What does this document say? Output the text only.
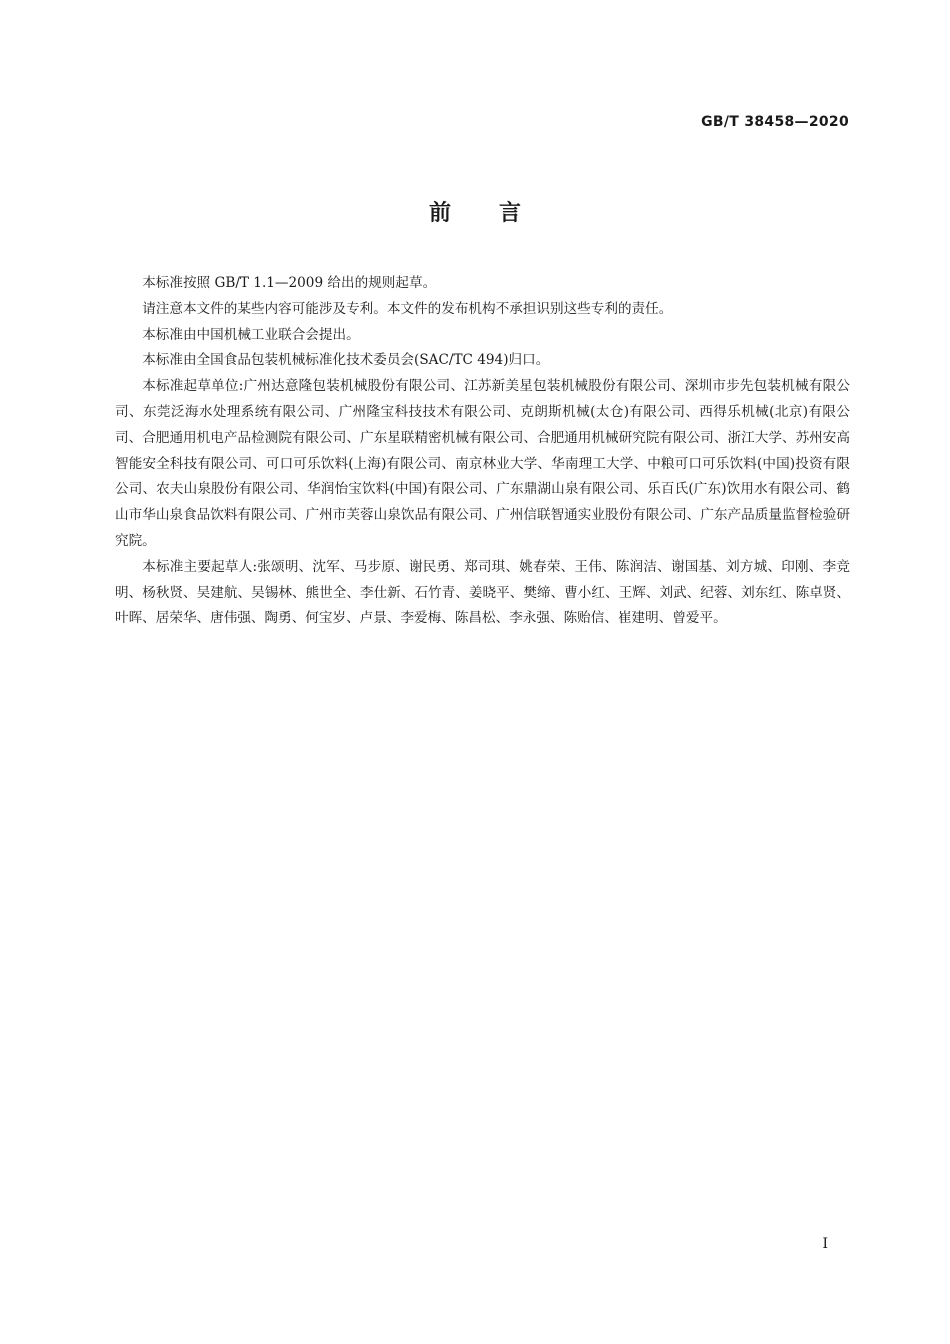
GB/T 38458—2020
前言

本标准按照 GB/T 1.1—2009 给出的规则起草。

请注意本文件的某些内容可能涉及专利。本文件的发布机构不承担识别这些专利的责任。

本标准由中国机械工业联合会提出。

本标准由全国食品包装机械标准化技术委员会(SAC/TC 494)归口。

本标准起草单位:广州达意隆包装机械股份有限公司、江苏新美星包装机械股份有限公司、深圳市步先包装机械有限公司、东莞泛海水处理系统有限公司、广州隆宝科技技术有限公司、克朗斯机械(太仓)有限公司、西得乐机械(北京)有限公司、合肥通用机电产品检测院有限公司、广东星联精密机械有限公司、合肥通用机械研究院有限公司、浙江大学、苏州安高智能安全科技有限公司、可口可乐饮料(上海)有限公司、南京林业大学、华南理工大学、中粮可口可乐饮料(中国)投资有限公司、农夫山泉股份有限公司、华润怡宝饮料(中国)有限公司、广东鼎湖山泉有限公司、乐百氏(广东)饮用水有限公司、鹤山市华山泉食品饮料有限公司、广州市芙蓉山泉饮品有限公司、广州信联智通实业股份有限公司、广东产品质量监督检验研究院。

本标准主要起草人:张颂明、沈军、马步原、谢民勇、郑司琪、姚春荣、王伟、陈润洁、谢国基、刘方城、印刚、李竞明、杨秋贤、吴建航、吴锡林、熊世全、李仕新、石竹青、姜晓平、樊缔、曹小红、王辉、刘武、纪蓉、刘东红、陈卓贤、叶晖、居荣华、唐伟强、陶勇、何宝岁、卢景、李爱梅、陈昌松、李永强、陈贻信、崔建明、曾爱平。

I
